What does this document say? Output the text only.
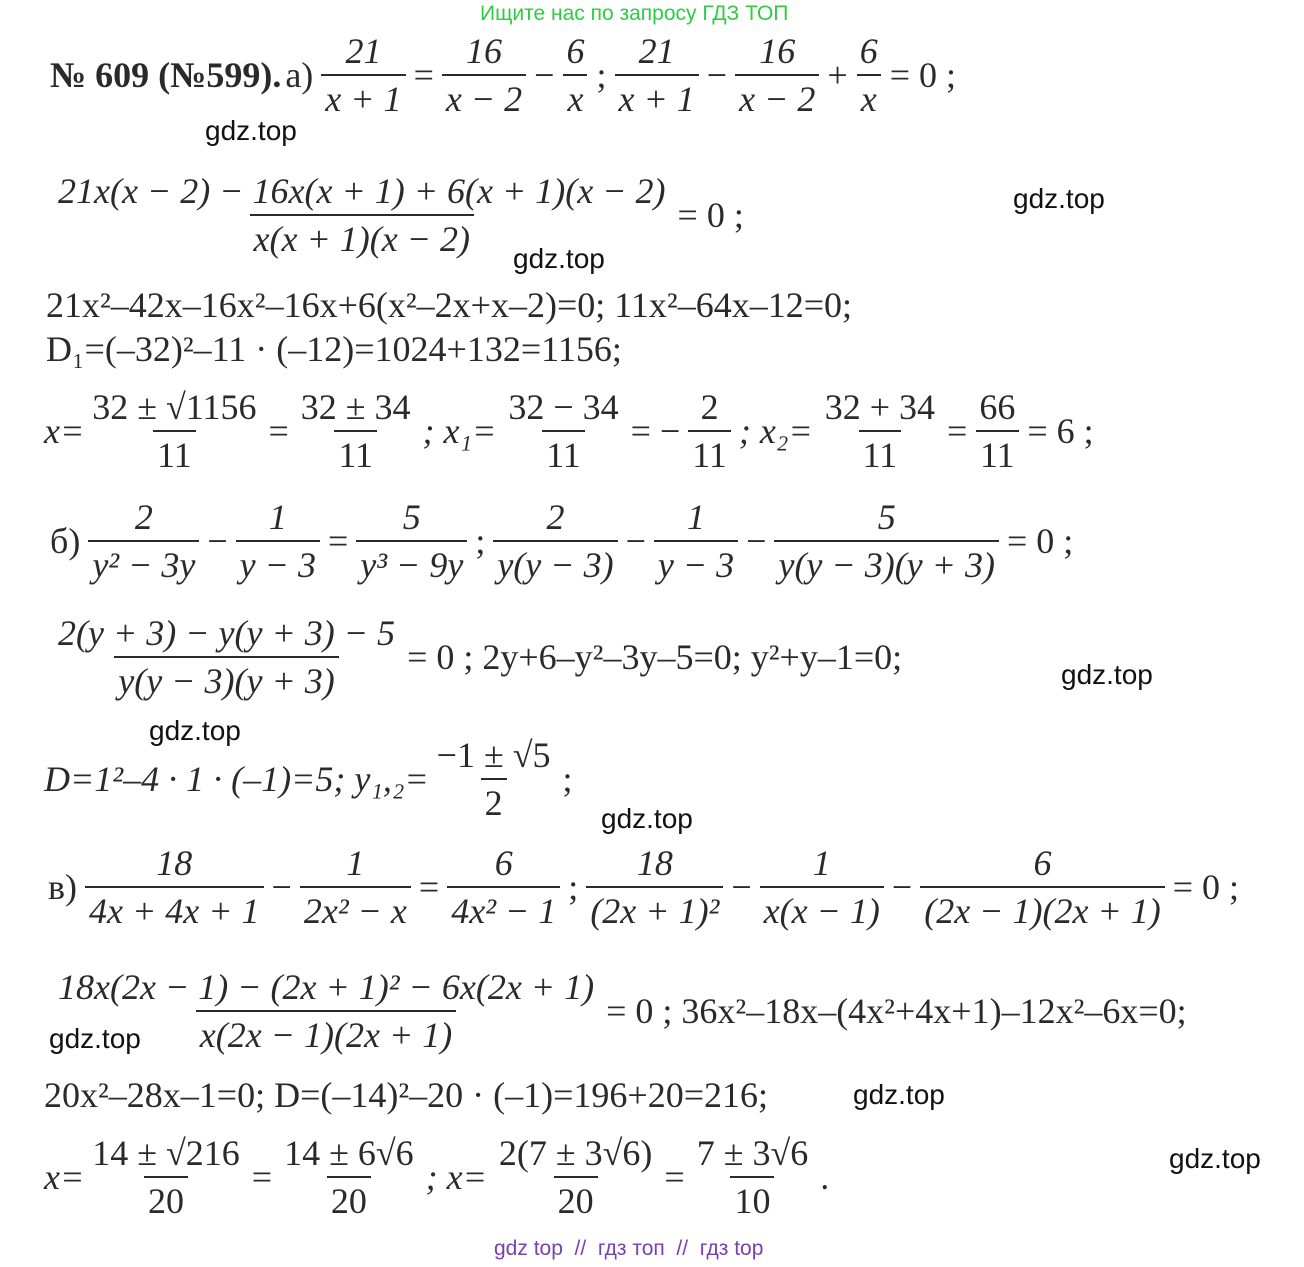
Ищите нас по запросу ГДЗ ТОП
№ 609 (№599). $а) \frac{21}{x + 1} = \frac{16}{x - 2} - \frac{6}{x}$ ; $\frac{21}{x + 1} - \frac{16}{x - 2} + \frac{6}{x} = 0$ ;
gdz.top
$\frac{21x(x - 2) - 16x(x + 1) + 6(x + 1)(x - 2)}{x(x + 1)(x - 2)} = 0$ ;	gdz.top
gdz.top
21x²–42x–16x²–16x+6(x²–2x+x–2)=0; 11x²–64x–12=0;
D₁=(–32)²–11 · (–12)=1024+132=1156;
$x= \frac{32 \pm √1156}{11} = \frac{32 \pm 34}{11}$ ; $x_1= \frac{32 - 34}{11}$ = − $\frac{2}{11}$ ; $x_2= \frac{32 + 34}{11} = \frac{66}{11} = 6$ ;
$б) \frac{2}{\text{y² − 3y}} - \frac{1}{y - 3} = \frac{5}{\text{y³ − 9y}}$ ; $\frac{2}{y(y - 3)} - \frac{1}{y - 3} - \frac{5}{y(y - 3)(y + 3)} = 0$ ;
$\frac{2(y + 3) - y(y + 3) - 5}{y(y - 3)(y + 3)} = 0$ ; 2y+6–y²–3y–5=0; y²+y–1=0;	gdz.top
gdz.top
D=1²–4 · 1 · (–1)=5; $y_1,_2= \frac{-1 \pm √5}{2}$ ;
gdz.top
$в) \frac{18}{4x + 4x + 1} - \frac{1}{\text{2x² − x}} = \frac{6}{\text{4x² − 1}}$ ; $\frac{18}{\text{(2x + 1)²}} - \frac{1}{x(x - 1)} - \frac{6}{(2x - 1)(2x + 1)} = 0$ ;
$\frac{\text{18x(2x − 1) − (2x + 1)² − 6x(2x + 1)}}{x(2x - 1)(2x + 1)} = 0$ ; 36x²–18x–(4x²+4x+1)–12x²–6x=0;
gdz.top
20x²–28x–1=0; D=(–14)²–20 · (–1)=196+20=216;	gdz.top
gdz.top
$x= \frac{14 \pm √216}{20} = \frac{14 \pm 6√6}{20}$ ; $x= \frac{2(7 \pm 3√6)}{20} = \frac{7 \pm 3√6}{10}$ .
gdz top  //  гдз топ  //  гдз top
